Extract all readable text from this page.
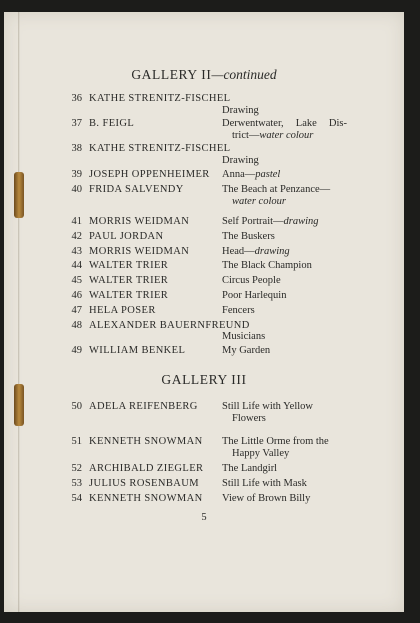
GALLERY II—continued
36 KATHE STRENITZ-FISCHEL
Drawing
37 B. FEIGL	Derwentwater, Lake Dis-
trict—water colour
38 KATHE STRENITZ-FISCHEL
Drawing
39 JOSEPH OPPENHEIMER Anna—pastel
40 FRIDA SALVENDY	The Beach at Penzance—
water colour
41 MORRIS WEIDMAN	Self Portrait—drawing
42 PAUL JORDAN	The Buskers
43 MORRIS WEIDMAN	Head—drawing
44 WALTER TRIER	The Black Champion
45 WALTER TRIER	Circus People
46 WALTER TRIER	Poor Harlequin
47 HELA POSER	Fencers
48 ALEXANDER BAUERNFREUND
Musicians
49 WILLIAM BENKEL	My Garden
GALLERY III
50 ADELA REIFENBERG Still Life with Yellow
Flowers
51 KENNETH SNOWMAN The Little Orme from the
Happy Valley
52 ARCHIBALD ZIEGLER The Landgirl
53 JULIUS ROSENBAUM Still Life with Mask
54 KENNETH SNOWMAN View of Brown Billy
5
